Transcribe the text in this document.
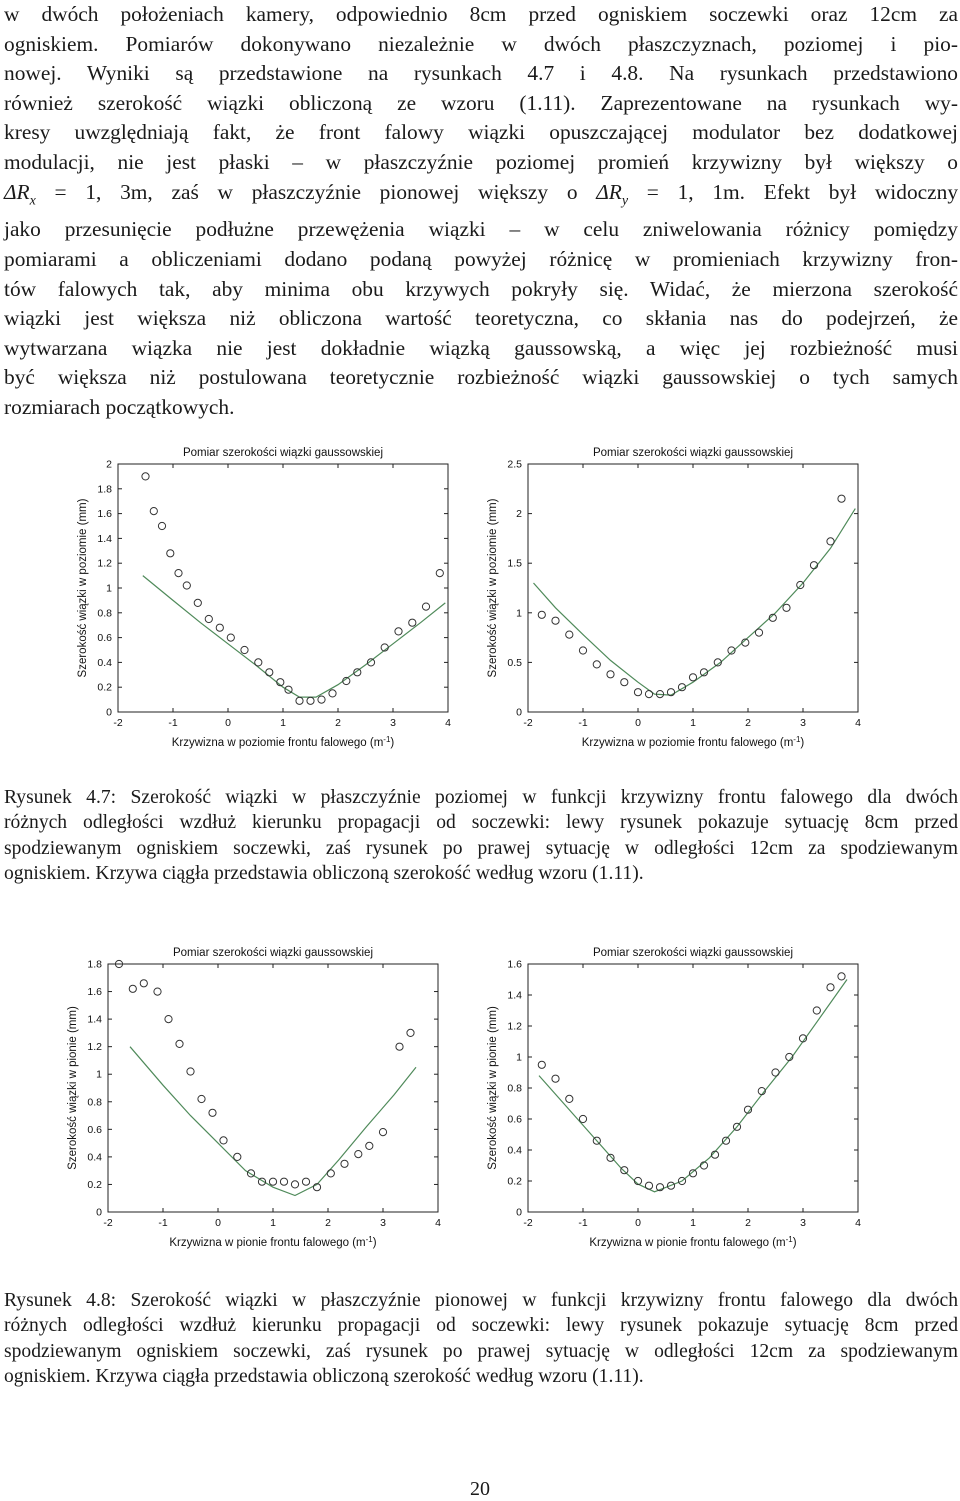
w dwóch położeniach kamery, odpowiednio 8cm przed ogniskiem soczewki oraz 12cm za
ogniskiem. Pomiarów dokonywano niezależnie w dwóch płaszczyznach, poziomej i pio-
nowej. Wyniki są przedstawione na rysunkach 4.7 i 4.8. Na rysunkach przedstawiono
również szerokość wiązki obliczoną ze wzoru (1.11). Zaprezentowane na rysunkach wy-
kresy uwzględniają fakt, że front falowy wiązki opuszczającej modulator bez dodatkowej
modulacji, nie jest płaski – w płaszczyźnie poziomej promień krzywizny był większy o
$\Delta R_x = 1$, 3m, zaś w płaszczyźnie pionowej większy o $\Delta R_y = 1$, 1m. Efekt był widoczny
jako przesunięcie podłużne przewężenia wiązki – w celu zniwelowania różnicy pomiędzy
pomiarami a obliczeniami dodano podaną powyżej różnicę w promieniach krzywizny fron-
tów falowych tak, aby minima obu krzywych pokryły się. Widać, że mierzona szerokość
wiązki jest większa niż obliczona wartość teoretyczna, co skłania nas do podejrzeń, że
wytwarzana wiązka nie jest dokładnie wiązką gaussowską, a więc jej rozbieżność musi
być większa niż postulowana teoretycznie rozbieżność wiązki gaussowskiej o tych samych
rozmiarach początkowych.
Pomiar szerokości wiązki gaussowskiej
-2	-1	0	1	2	3	4
0
0.2
0.4
0.6
0.8
1
1.2
1.4
1.6
1.8
2
Krzywizna w poziomie frontu falowego $(m^{-1})$
Szerokość wiązki w poziomie (mm)
Pomiar szerokości wiązki gaussowskiej
-2	-1	0	1	2	3	4
0
0.5
1
1.5
2
2.5
Krzywizna w poziomie frontu falowego $(m^{-1})$
Szerokość wiązki w poziomie (mm)
Rysunek 4.7: Szerokość wiązki w płaszczyźnie poziomej w funkcji krzywizny frontu falowego dla dwóch
różnych odległości wzdłuż kierunku propagacji od soczewki: lewy rysunek pokazuje sytuację 8cm przed
spodziewanym ogniskiem soczewki, zaś rysunek po prawej sytuację w odległości 12cm za spodziewanym
ogniskiem. Krzywa ciągła przedstawia obliczoną szerokość według wzoru (1.11).
Pomiar szerokości wiązki gaussowskiej
-2	-1	0	1	2	3	4
0
0.2
0.4
0.6
0.8
1
1.2
1.4
1.6
1.8
Krzywizna w pionie frontu falowego $(m^{-1})$
Szerokość wiązki w pionie (mm)
Pomiar szerokości wiązki gaussowskiej
-2	-1	0	1	2	3	4
0
0.2
0.4
0.6
0.8
1
1.2
1.4
1.6
Krzywizna w pionie frontu falowego $(m^{-1})$
Szerokość wiązki w pionie (mm)
Rysunek 4.8: Szerokość wiązki w płaszczyźnie pionowej w funkcji krzywizny frontu falowego dla dwóch
różnych odległości wzdłuż kierunku propagacji od soczewki: lewy rysunek pokazuje sytuację 8cm przed
spodziewanym ogniskiem soczewki, zaś rysunek po prawej sytuację w odległości 12cm za spodziewanym
ogniskiem. Krzywa ciągła przedstawia obliczoną szerokość według wzoru (1.11).
20
